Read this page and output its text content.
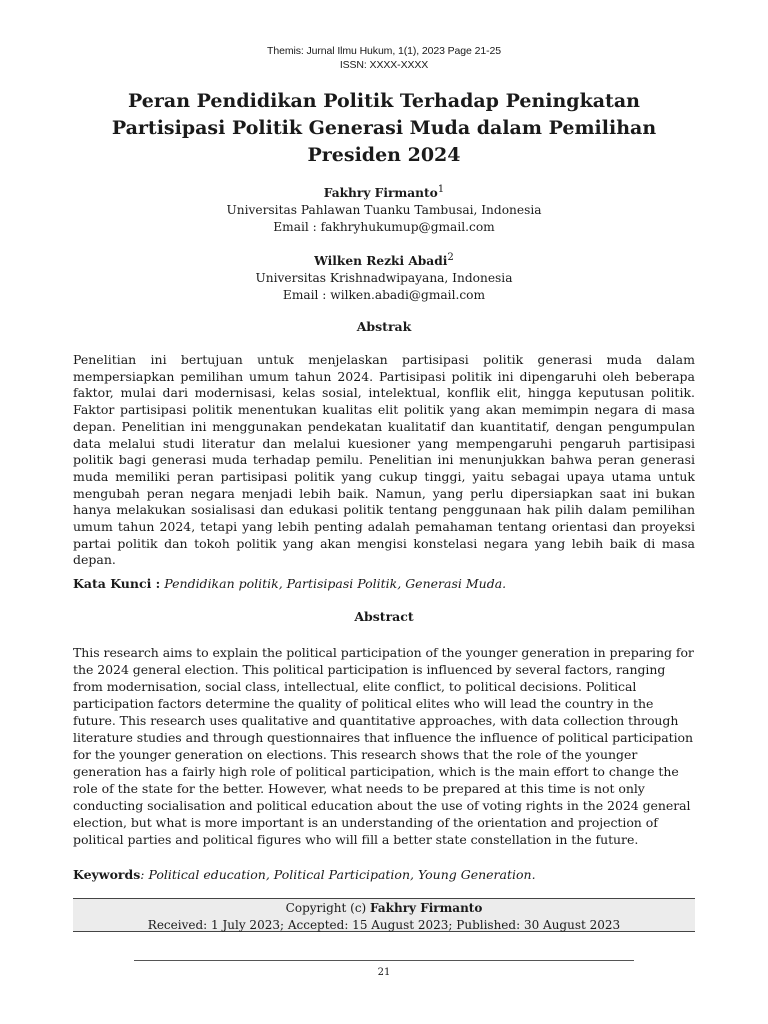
Themis: Jurnal Ilmu Hukum, 1(1), 2023 Page 21-25
ISSN: XXXX-XXXX
Peran Pendidikan Politik Terhadap Peningkatan Partisipasi Politik Generasi Muda dalam Pemilihan Presiden 2024
Fakhry Firmanto$^1$
Universitas Pahlawan Tuanku Tambusai, Indonesia
Email : fakhryhukumup@gmail.com
Wilken Rezki Abadi$^2$
Universitas Krishnadwipayana, Indonesia
Email : wilken.abadi@gmail.com
Abstrak

Penelitian ini bertujuan untuk menjelaskan partisipasi politik generasi muda dalam mempersiapkan pemilihan umum tahun 2024. Partisipasi politik ini dipengaruhi oleh beberapa faktor, mulai dari modernisasi, kelas sosial, intelektual, konflik elit, hingga keputusan politik. Faktor partisipasi politik menentukan kualitas elit politik yang akan memimpin negara di masa depan. Penelitian ini menggunakan pendekatan kualitatif dan kuantitatif, dengan pengumpulan data melalui studi literatur dan melalui kuesioner yang mempengaruhi pengaruh partisipasi politik bagi generasi muda terhadap pemilu. Penelitian ini menunjukkan bahwa peran generasi muda memiliki peran partisipasi politik yang cukup tinggi, yaitu sebagai upaya utama untuk mengubah peran negara menjadi lebih baik. Namun, yang perlu dipersiapkan saat ini bukan hanya melakukan sosialisasi dan edukasi politik tentang penggunaan hak pilih dalam pemilihan umum tahun 2024, tetapi yang lebih penting adalah pemahaman tentang orientasi dan proyeksi partai politik dan tokoh politik yang akan mengisi konstelasi negara yang lebih baik di masa depan.

Kata Kunci : Pendidikan politik, Partisipasi Politik, Generasi Muda.
Abstract

This research aims to explain the political participation of the younger generation in preparing for the 2024 general election. This political participation is influenced by several factors, ranging from modernisation, social class, intellectual, elite conflict, to political decisions. Political participation factors determine the quality of political elites who will lead the country in the future. This research uses qualitative and quantitative approaches, with data collection through literature studies and through questionnaires that influence the influence of political participation for the younger generation on elections. This research shows that the role of the younger generation has a fairly high role of political participation, which is the main effort to change the role of the state for the better. However, what needs to be prepared at this time is not only conducting socialisation and political education about the use of voting rights in the 2024 general election, but what is more important is an understanding of the orientation and projection of political parties and political figures who will fill a better state constellation in the future.

Keywords: Political education, Political Participation, Young Generation.
Copyright (c) Fakhry Firmanto
Received: 1 July 2023; Accepted: 15 August 2023; Published: 30 August 2023
21
